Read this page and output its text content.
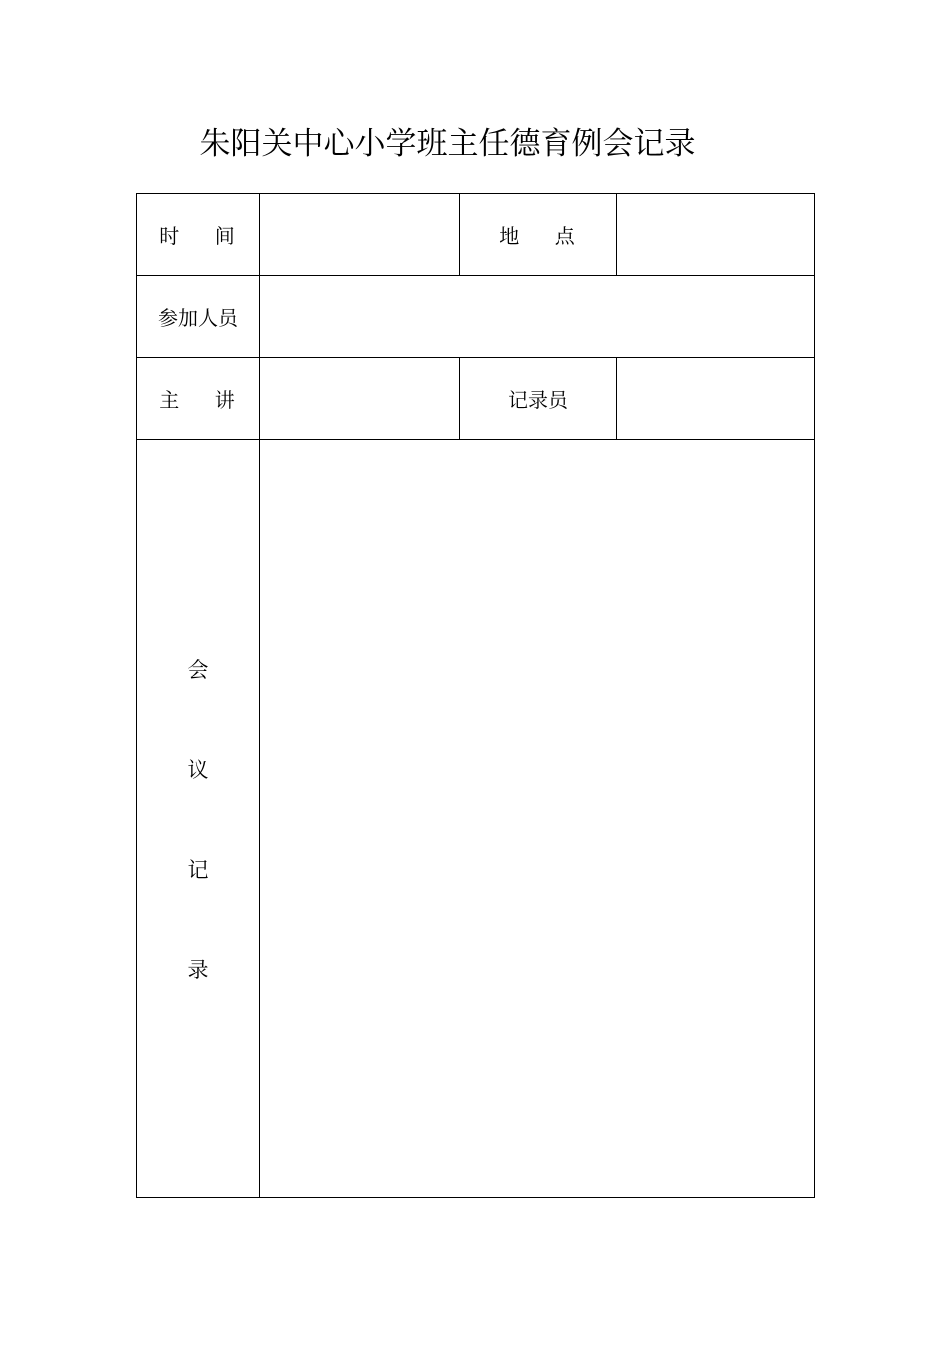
朱阳关中心小学班主任德育例会记录
时    间		地    点	
参加人员			
主    讲		记录员	

会
议
记
录			
